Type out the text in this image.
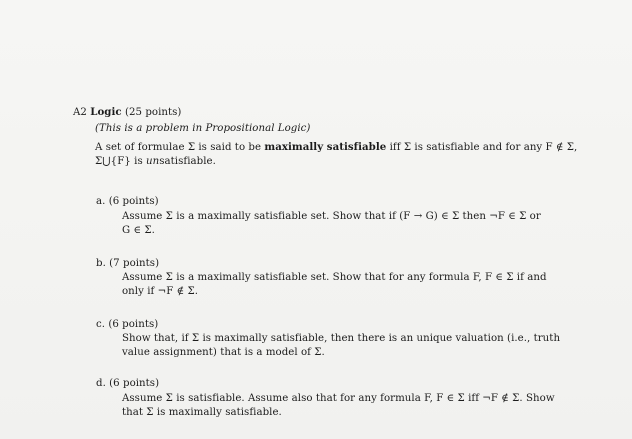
A2 Logic (25 points)
(This is a problem in Propositional Logic)
A set of formulae Σ is said to be maximally satisfiable iff Σ is satisfiable and for any F ∉ Σ,
Σ⋃{F} is unsatisfiable.
a. (6 points)
Assume Σ is a maximally satisfiable set. Show that if (F → G) ∈ Σ then ¬F ∈ Σ or
G ∈ Σ.
b. (7 points)
Assume Σ is a maximally satisfiable set. Show that for any formula F, F ∈ Σ if and
only if ¬F ∉ Σ.
c. (6 points)
Show that, if Σ is maximally satisfiable, then there is an unique valuation (i.e., truth
value assignment) that is a model of Σ.
d. (6 points)
Assume Σ is satisfiable. Assume also that for any formula F, F ∈ Σ iff ¬F ∉ Σ. Show
that Σ is maximally satisfiable.
